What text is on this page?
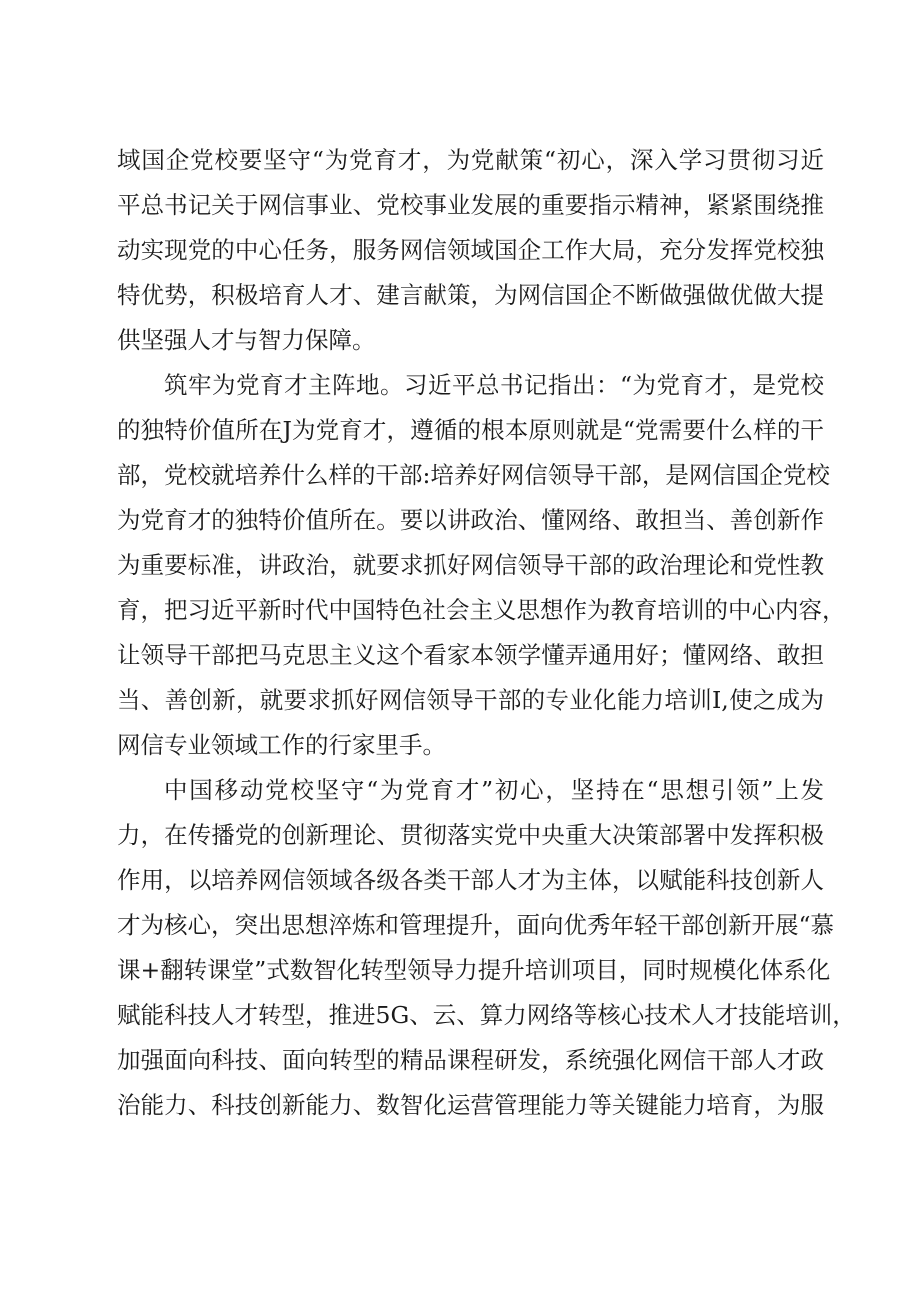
域国企党校要坚守“为党育才，为党献策“初心，深入学习贯彻习近
平总书记关于网信事业、党校事业发展的重要指示精神，紧紧围绕推
动实现党的中心任务，服务网信领域国企工作大局，充分发挥党校独
特优势，积极培育人才、建言献策，为网信国企不断做强做优做大提
供坚强人才与智力保障。
筑牢为党育才主阵地。习近平总书记指出：“为党育才，是党校
的独特价值所在J为党育才，遵循的根本原则就是“党需要什么样的干
部，党校就培养什么样的干部:培养好网信领导干部，是网信国企党校
为党育才的独特价值所在。要以讲政治、懂网络、敢担当、善创新作
为重要标准，讲政治，就要求抓好网信领导干部的政治理论和党性教
育，把习近平新时代中国特色社会主义思想作为教育培训的中心内容，
让领导干部把马克思主义这个看家本领学懂弄通用好；懂网络、敢担
当、善创新，就要求抓好网信领导干部的专业化能力培训I,使之成为
网信专业领域工作的行家里手。
中国移动党校坚守“为党育才”初心，坚持在“思想引领”上发
力，在传播党的创新理论、贯彻落实党中央重大决策部署中发挥积极
作用，以培养网信领域各级各类干部人才为主体，以赋能科技创新人
才为核心，突出思想淬炼和管理提升，面向优秀年轻干部创新开展“慕
课+翻转课堂”式数智化转型领导力提升培训项目，同时规模化体系化
赋能科技人才转型，推进5G、云、算力网络等核心技术人才技能培训，
加强面向科技、面向转型的精品课程研发，系统强化网信干部人才政
治能力、科技创新能力、数智化运营管理能力等关键能力培育，为服
